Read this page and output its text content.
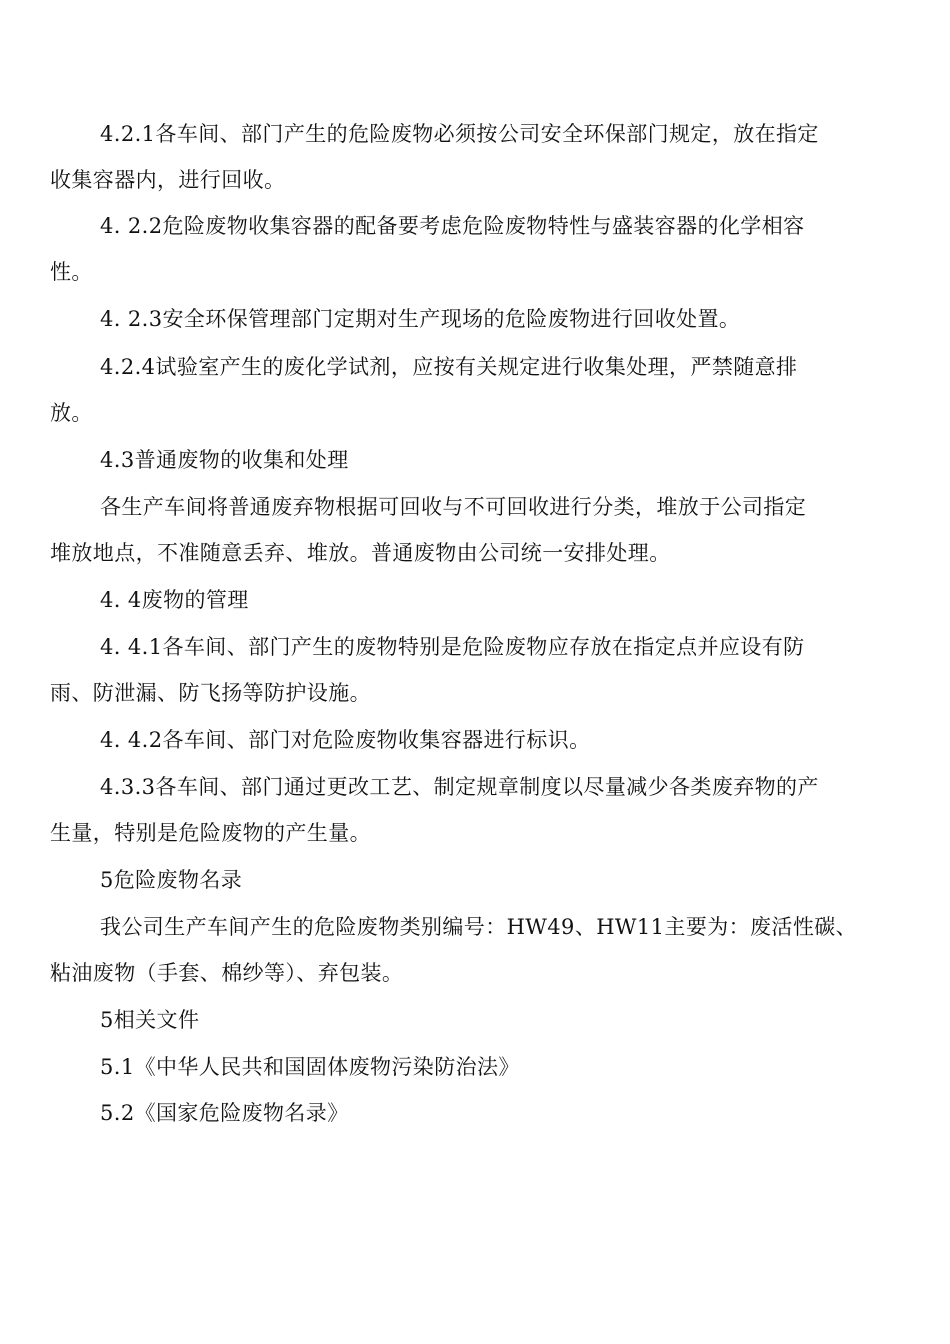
4.2.1各车间、部门产生的危险废物必须按公司安全环保部门规定，放在指定
收集容器内，进行回收。
4. 2.2危险废物收集容器的配备要考虑危险废物特性与盛装容器的化学相容
性。
4. 2.3安全环保管理部门定期对生产现场的危险废物进行回收处置。
4.2.4试验室产生的废化学试剂，应按有关规定进行收集处理，严禁随意排
放。
4.3普通废物的收集和处理
各生产车间将普通废弃物根据可回收与不可回收进行分类，堆放于公司指定
堆放地点，不准随意丢弃、堆放。普通废物由公司统一安排处理。
4. 4废物的管理
4. 4.1各车间、部门产生的废物特别是危险废物应存放在指定点并应设有防
雨、防泄漏、防飞扬等防护设施。
4. 4.2各车间、部门对危险废物收集容器进行标识。
4.3.3各车间、部门通过更改工艺、制定规章制度以尽量减少各类废弃物的产
生量，特别是危险废物的产生量。
5危险废物名录
我公司生产车间产生的危险废物类别编号：HW49、HW11主要为：废活性碳、
粘油废物（手套、棉纱等）、弃包装。
5相关文件
5.1《中华人民共和国固体废物污染防治法》
5.2《国家危险废物名录》
